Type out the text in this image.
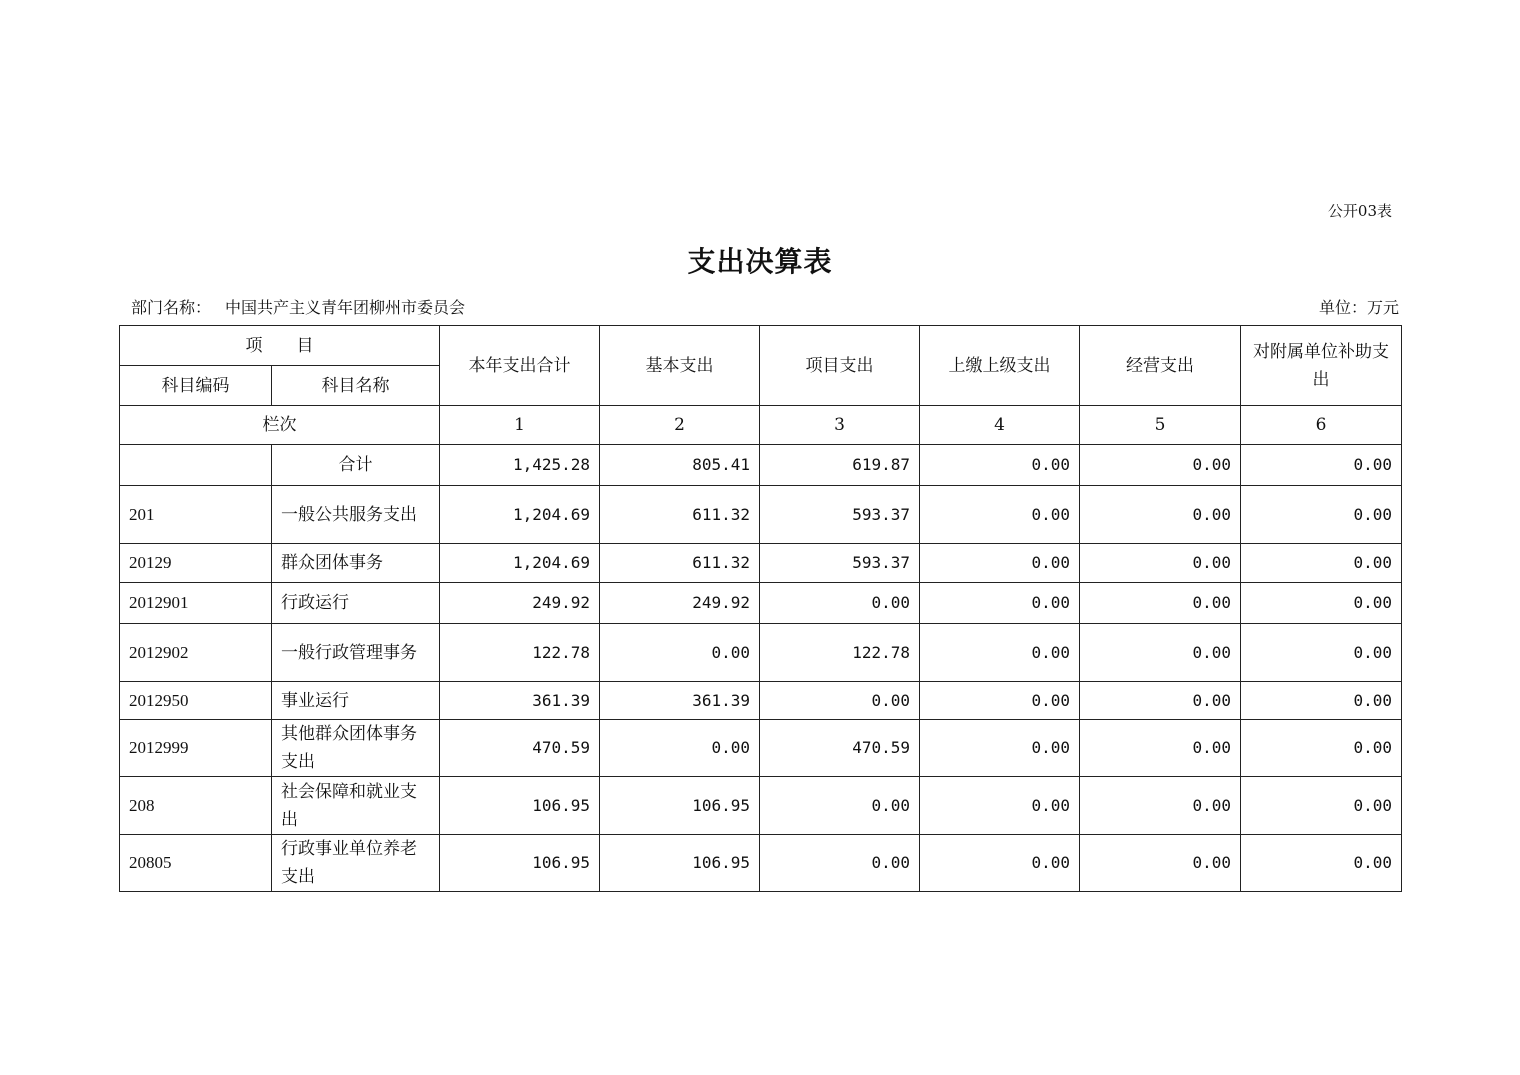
公开03表
支出决算表
部门名称： 中国共产主义青年团柳州市委员会	单位：万元
项　　目		本年支出合计	基本支出	项目支出	上缴上级支出	经营支出	对附属单位补助支出
科目编码	科目名称						
栏次		1	2	3	4	5	6
	合计	1,425.28	805.41	619.87	0.00	0.00	0.00
201	一般公共服务支出	1,204.69	611.32	593.37	0.00	0.00	0.00
20129	群众团体事务	1,204.69	611.32	593.37	0.00	0.00	0.00
2012901	行政运行	249.92	249.92	0.00	0.00	0.00	0.00
2012902	一般行政管理事务	122.78	0.00	122.78	0.00	0.00	0.00
2012950	事业运行	361.39	361.39	0.00	0.00	0.00	0.00
2012999	其他群众团体事务支出	470.59	0.00	470.59	0.00	0.00	0.00
208	社会保障和就业支出	106.95	106.95	0.00	0.00	0.00	0.00
20805	行政事业单位养老支出	106.95	106.95	0.00	0.00	0.00	0.00
